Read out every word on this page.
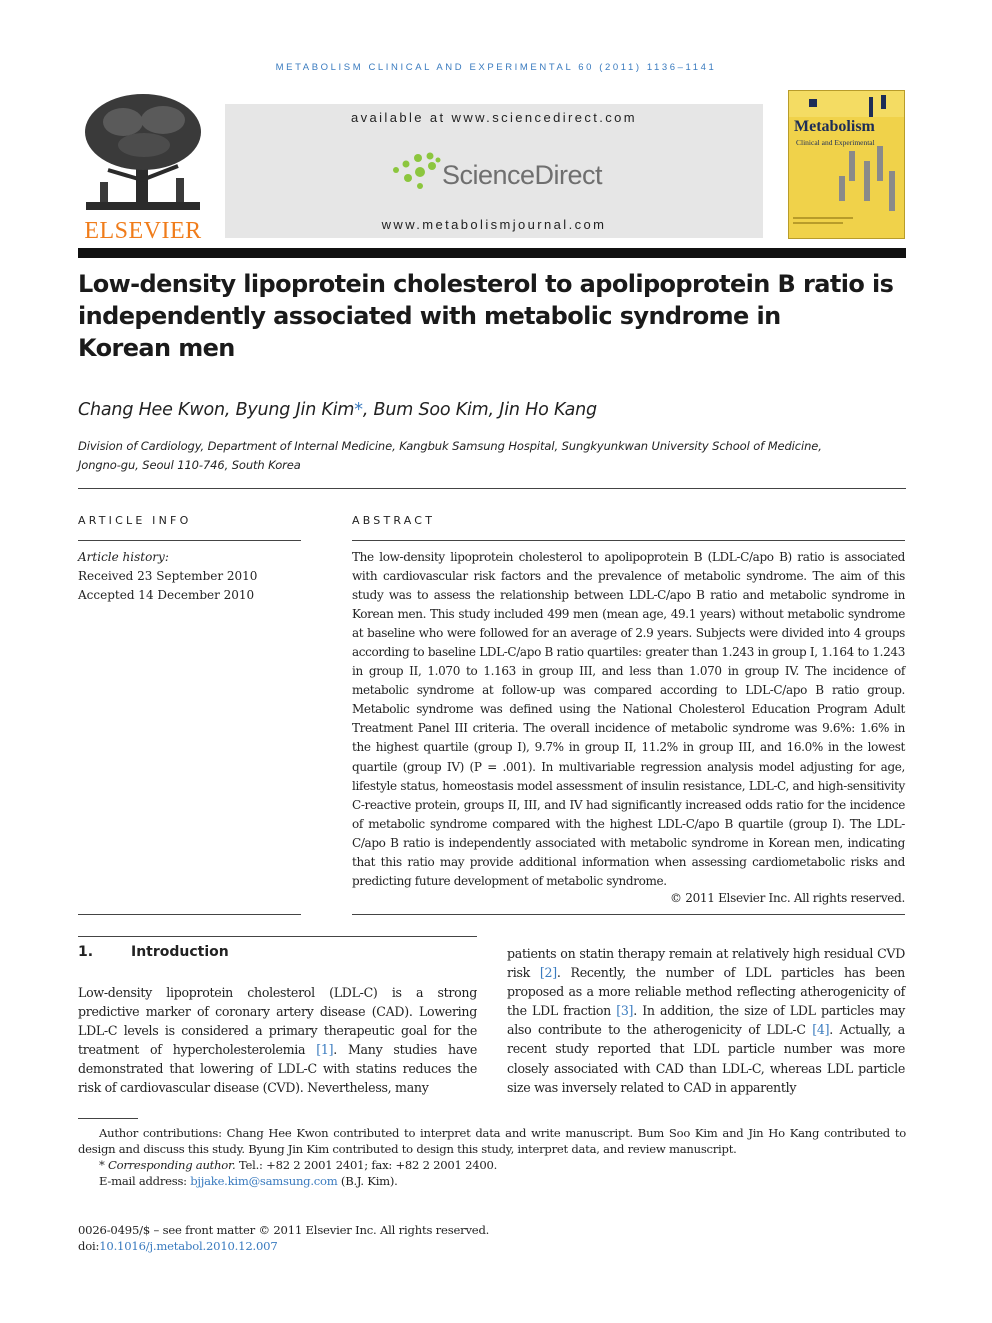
METABOLISM CLINICAL AND EXPERIMENTAL 60 (2011) 1136–1141
ELSEVIER
available at www.sciencedirect.com
ScienceDirect
www.metabolismjournal.com
Metabolism
Clinical and Experimental
Low-density lipoprotein cholesterol to apolipoprotein B ratio is
independently associated with metabolic syndrome in
Korean men
Chang Hee Kwon, Byung Jin Kim*, Bum Soo Kim, Jin Ho Kang
Division of Cardiology, Department of Internal Medicine, Kangbuk Samsung Hospital, Sungkyunkwan University School of Medicine,
Jongno-gu, Seoul 110-746, South Korea
ARTICLE INFO
Article history:
Received 23 September 2010
Accepted 14 December 2010
ABSTRACT
The low-density lipoprotein cholesterol to apolipoprotein B (LDL-C/apo B) ratio is associated with cardiovascular risk factors and the prevalence of metabolic syndrome. The aim of this study was to assess the relationship between LDL-C/apo B ratio and metabolic syndrome in Korean men. This study included 499 men (mean age, 49.1 years) without metabolic syndrome at baseline who were followed for an average of 2.9 years. Subjects were divided into 4 groups according to baseline LDL-C/apo B ratio quartiles: greater than 1.243 in group I, 1.164 to 1.243 in group II, 1.070 to 1.163 in group III, and less than 1.070 in group IV. The incidence of metabolic syndrome at follow-up was compared according to LDL-C/apo B ratio group. Metabolic syndrome was defined using the National Cholesterol Education Program Adult Treatment Panel III criteria. The overall incidence of metabolic syndrome was 9.6%: 1.6% in the highest quartile (group I), 9.7% in group II, 11.2% in group III, and 16.0% in the lowest quartile (group IV) (P = .001). In multivariable regression analysis model adjusting for age, lifestyle status, homeostasis model assessment of insulin resistance, LDL-C, and high-sensitivity C-reactive protein, groups II, III, and IV had significantly increased odds ratio for the incidence of metabolic syndrome compared with the highest LDL-C/apo B quartile (group I). The LDL-C/apo B ratio is independently associated with metabolic syndrome in Korean men, indicating that this ratio may provide additional information when assessing cardiometabolic risks and predicting future development of metabolic syndrome.
© 2011 Elsevier Inc. All rights reserved.
1.	Introduction
Low-density lipoprotein cholesterol (LDL-C) is a strong predictive marker of coronary artery disease (CAD). Lowering LDL-C levels is considered a primary therapeutic goal for the treatment of hypercholesterolemia [1]. Many studies have demonstrated that lowering of LDL-C with statins reduces the risk of cardiovascular disease (CVD). Nevertheless, many
patients on statin therapy remain at relatively high residual CVD risk [2]. Recently, the number of LDL particles has been proposed as a more reliable method reflecting atherogenicity of the LDL fraction [3]. In addition, the size of LDL particles may also contribute to the atherogenicity of LDL-C [4]. Actually, a recent study reported that LDL particle number was more closely associated with CAD than LDL-C, whereas LDL particle size was inversely related to CAD in apparently
Author contributions: Chang Hee Kwon contributed to interpret data and write manuscript. Bum Soo Kim and Jin Ho Kang contributed to design and discuss this study. Byung Jin Kim contributed to design this study, interpret data, and review manuscript.
* Corresponding author. Tel.: +82 2 2001 2401; fax: +82 2 2001 2400.
E-mail address: bjjake.kim@samsung.com (B.J. Kim).
0026-0495/$ – see front matter © 2011 Elsevier Inc. All rights reserved.
doi:10.1016/j.metabol.2010.12.007
